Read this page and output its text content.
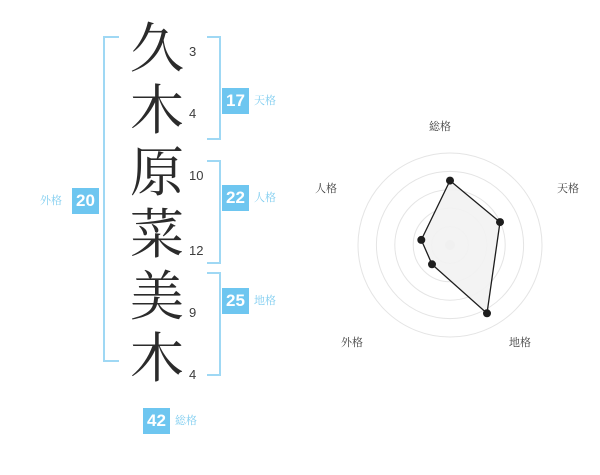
久
木
原
菜
美
木
3
4
10
12
9
4
20
外格
17 天格
22 人格
25 地格
42 総格
総格
天格
地格
外格
人格
